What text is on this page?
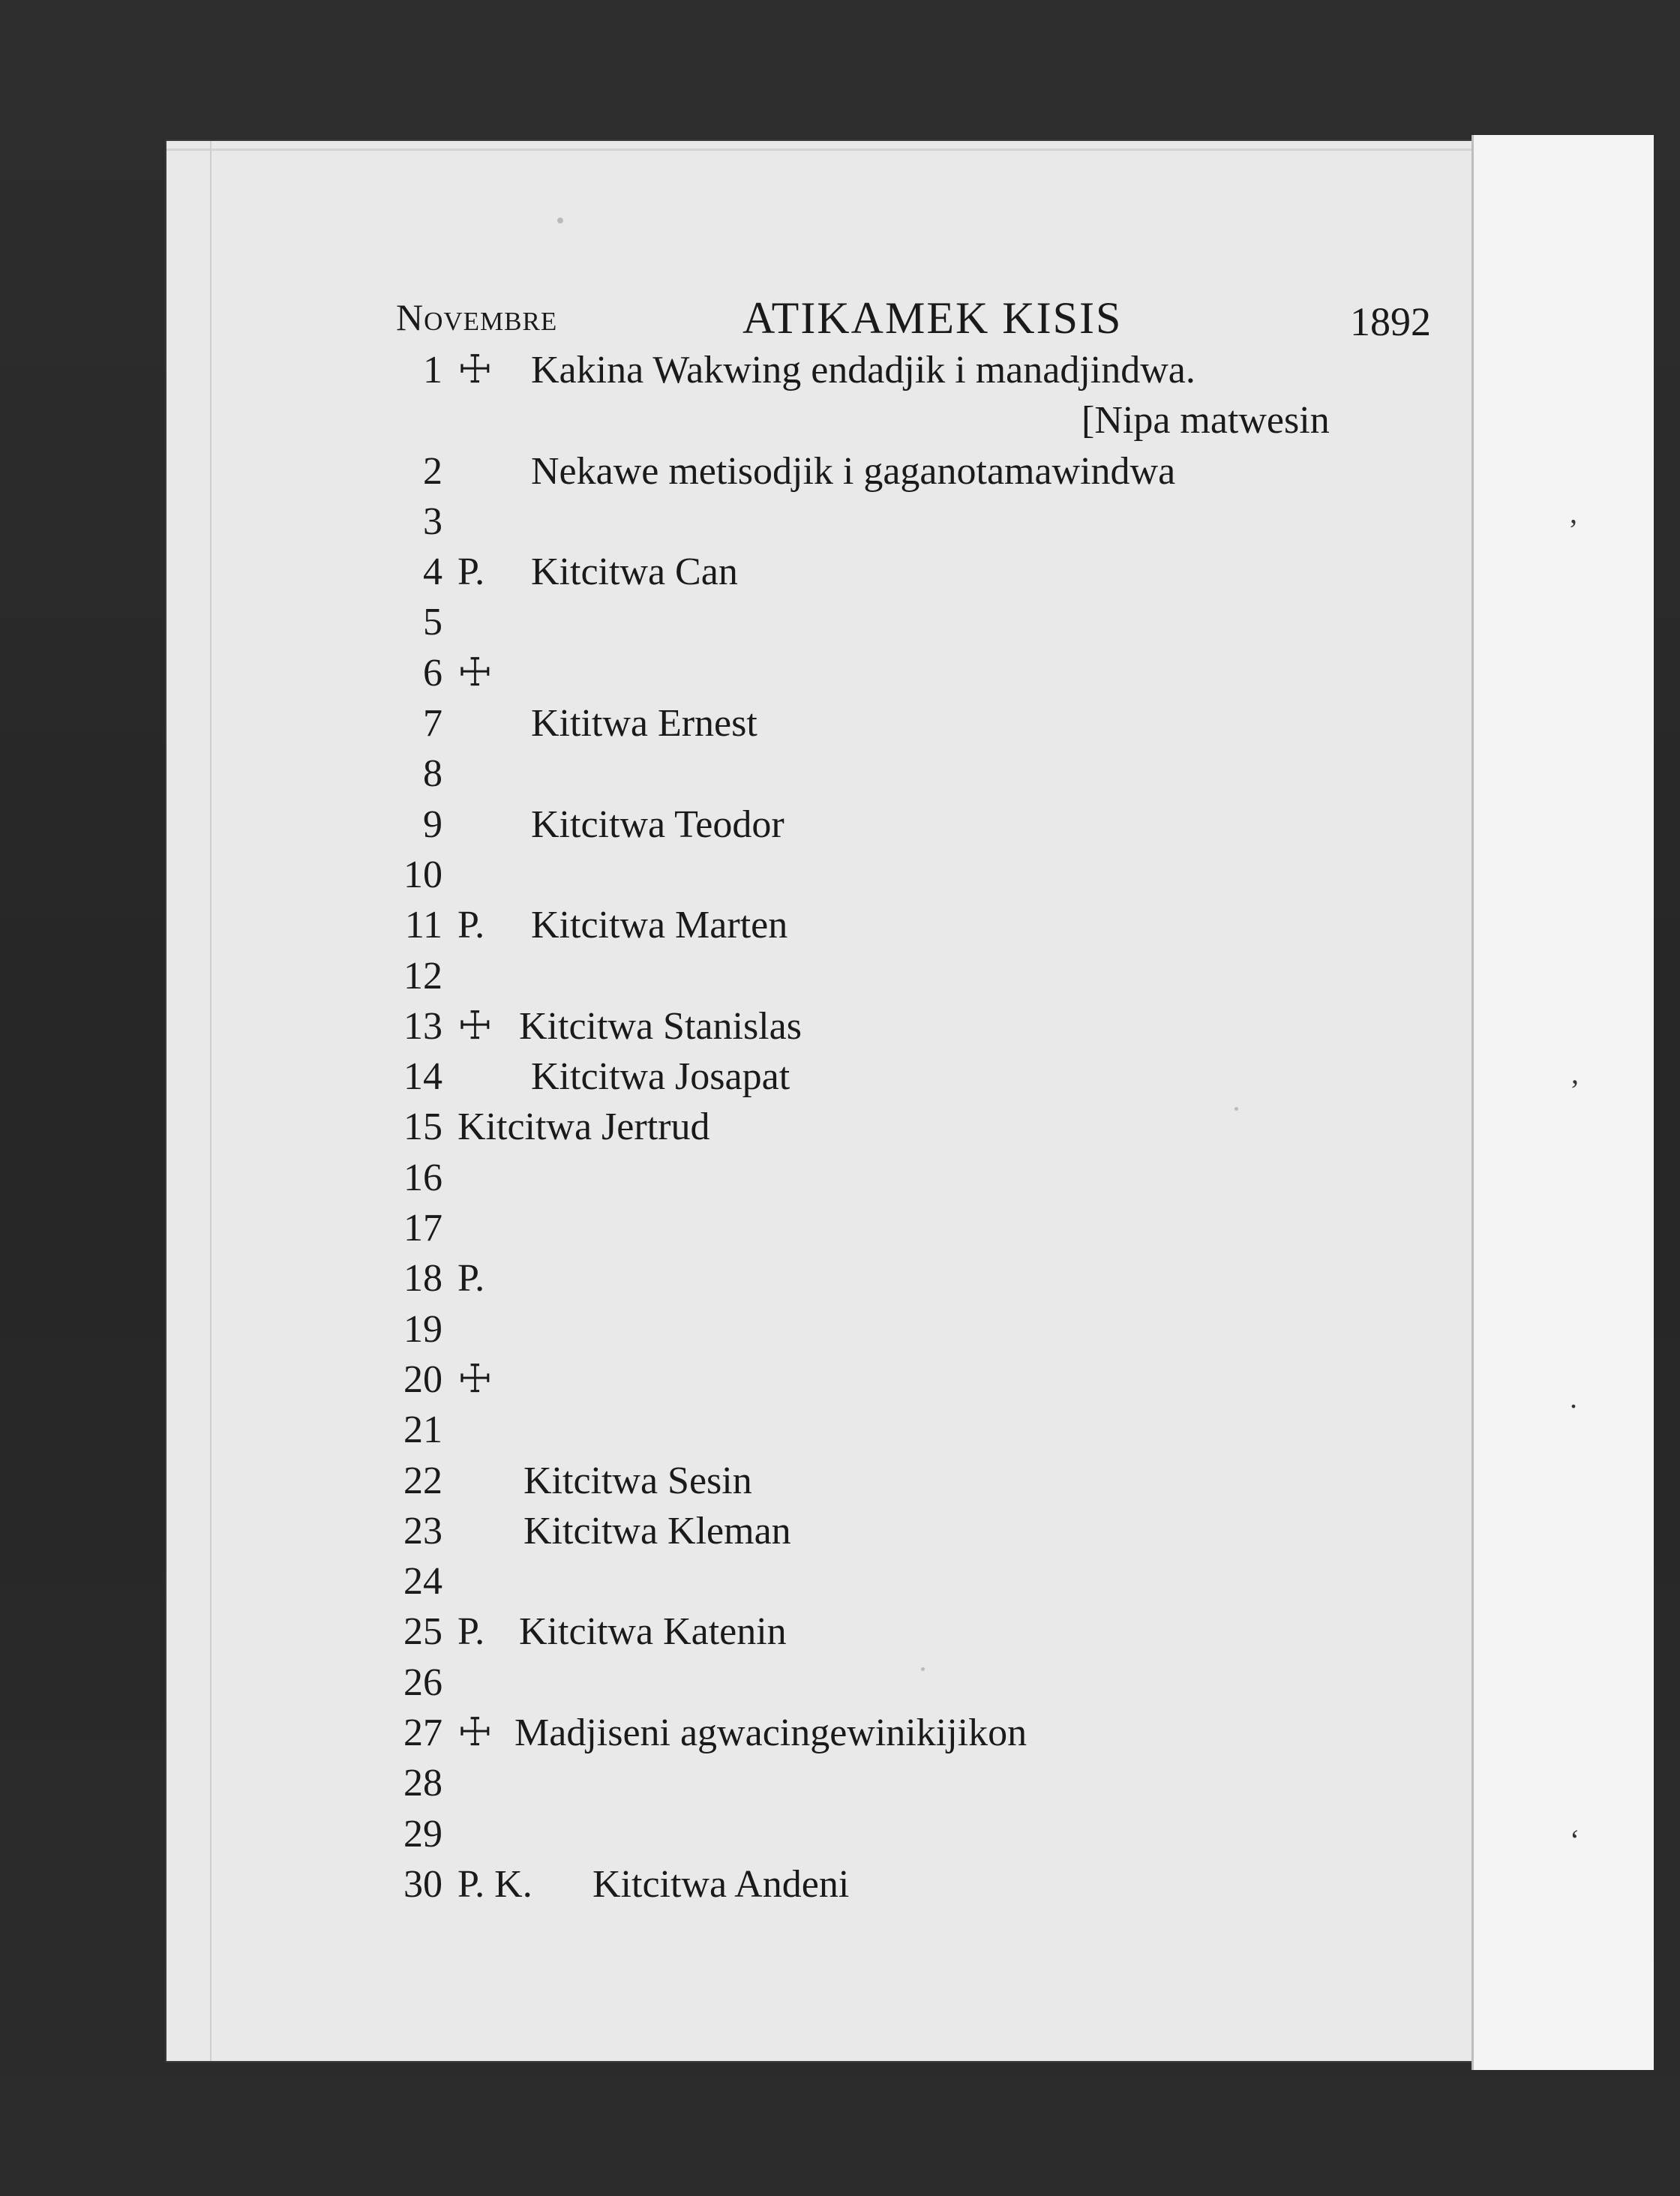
,
’
.
‘
Novembre	ATIKAMEK KISIS	1892
1 ☩ Kakina Wakwing endadjik i manadjindwa.
[Nipa matwesin
2 Nekawe metisodjik i gaganotamawindwa
3
4 P. Kitcitwa Can
5
6 ☩
7 Kititwa Ernest
8
9 Kitcitwa Teodor
10
11 P. Kitcitwa Marten
12
13 ☩ Kitcitwa Stanislas
14 Kitcitwa Josapat
15 Kitcitwa Jertrud
16
17
18 P.
19
20 ☩
21
22 Kitcitwa Sesin
23 Kitcitwa Kleman
24
25 P. Kitcitwa Katenin
26
27 ☩ Madjiseni agwacingewinikijikon
28
29
30 P. K. Kitcitwa Andeni
